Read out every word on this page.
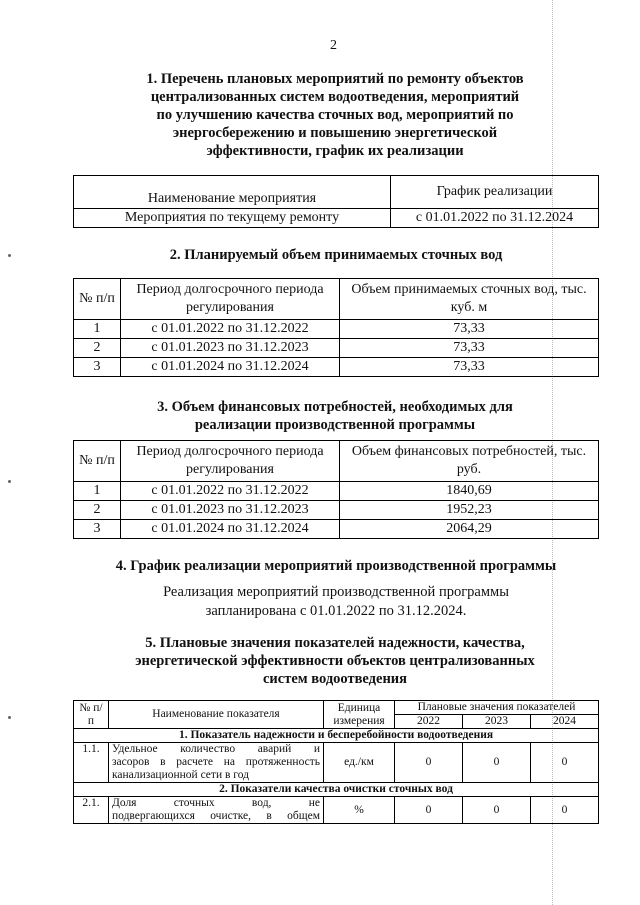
2
1. Перечень плановых мероприятий по ремонту объектов
централизованных систем водоотведения, мероприятий
по улучшению качества сточных вод, мероприятий по
энергосбережению и повышению энергетической
эффективности, график их реализации
Наименование мероприятия	График реализации
Мероприятия по текущему ремонту	с 01.01.2022 по 31.12.2024
2. Планируемый объем принимаемых сточных вод
№ п/п	Период долгосрочного периода регулирования	Объем принимаемых сточных вод, тыс. куб. м
1	с 01.01.2022 по 31.12.2022	73,33
2	с 01.01.2023 по 31.12.2023	73,33
3	с 01.01.2024 по 31.12.2024	73,33
3. Объем финансовых потребностей, необходимых для
реализации производственной программы
№ п/п	Период долгосрочного периода регулирования	Объем финансовых потребностей, тыс. руб.
1	с 01.01.2022 по 31.12.2022	1840,69
2	с 01.01.2023 по 31.12.2023	1952,23
3	с 01.01.2024 по 31.12.2024	2064,29
4. График реализации мероприятий производственной программы
Реализация мероприятий производственной программы
запланирована с 01.01.2022 по 31.12.2024.
5. Плановые значения показателей надежности, качества,
энергетической эффективности объектов централизованных
систем водоотведения
№ п/п	Наименование показателя	Единица измерения	Плановые значения показателей		
			2022	2023	2024
1. Показатель надежности и бесперебойности водоотведения					
1.1.	Удельное количество аварий и
засоров в расчете на протяженность
канализационной сети в год	ед./км	0	0	0
2. Показатели качества очистки сточных вод					
2.1.	Доля сточных вод, не
подвергающихся очистке, в общем	%	0	0	0
